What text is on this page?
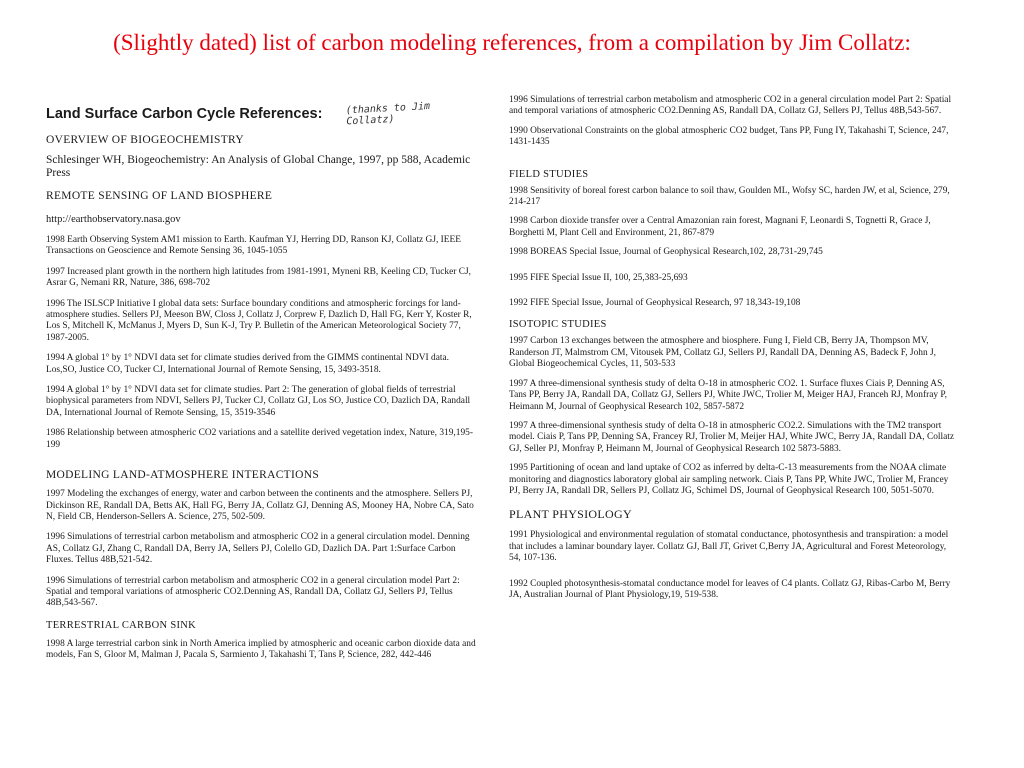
(Slightly dated) list of carbon modeling references, from a compilation by Jim Collatz:
Land Surface Carbon Cycle References: (thanks to Jim Collatz)
OVERVIEW OF BIOGEOCHEMISTRY
Schlesinger WH, Biogeochemistry: An Analysis of Global Change, 1997, pp 588, Academic Press
REMOTE SENSING OF LAND BIOSPHERE
http://earthobservatory.nasa.gov
1998 Earth Observing System AM1 mission to Earth. Kaufman YJ, Herring DD, Ranson KJ, Collatz GJ, IEEE Transactions on Geoscience and Remote Sensing 36, 1045-1055
1997 Increased plant growth in the northern high latitudes from 1981-1991, Myneni RB, Keeling CD, Tucker CJ, Asrar G, Nemani RR, Nature, 386, 698-702
1996 The ISLSCP Initiative I global data sets: Surface boundary conditions and atmospheric forcings for land-atmosphere studies. Sellers PJ, Meeson BW, Closs J, Collatz J, Corprew F, Dazlich D, Hall FG, Kerr Y, Koster R, Los S, Mitchell K, McManus J, Myers D, Sun K-J, Try P. Bulletin of the American Meteorological Society 77, 1987-2005.
1994 A global 1° by 1° NDVI data set for climate studies derived from the GIMMS continental NDVI data. Los,SO, Justice CO, Tucker CJ, International Journal of Remote Sensing, 15, 3493-3518.
1994 A global 1° by 1° NDVI data set for climate studies. Part 2: The generation of global fields of terrestrial biophysical parameters from NDVI, Sellers PJ, Tucker CJ, Collatz GJ, Los SO, Justice CO, Dazlich DA, Randall DA, International Journal of Remote Sensing, 15, 3519-3546
1986 Relationship between atmospheric CO2 variations and a satellite derived vegetation index, Nature, 319,195-199
MODELING LAND-ATMOSPHERE INTERACTIONS
1997 Modeling the exchanges of energy, water and carbon between the continents and the atmosphere. Sellers PJ, Dickinson RE, Randall DA, Betts AK, Hall FG, Berry JA, Collatz GJ, Denning AS, Mooney HA, Nobre CA, Sato N, Field CB, Henderson-Sellers A. Science, 275, 502-509.
1996 Simulations of terrestrial carbon metabolism and atmospheric CO2 in a general circulation model. Denning AS, Collatz GJ, Zhang C, Randall DA, Berry JA, Sellers PJ, Colello GD, Dazlich DA. Part 1:Surface Carbon Fluxes. Tellus 48B,521-542.
1996 Simulations of terrestrial carbon metabolism and atmospheric CO2 in a general circulation model Part 2: Spatial and temporal variations of atmospheric CO2.Denning AS, Randall DA, Collatz GJ, Sellers PJ, Tellus 48B,543-567.
TERRESTRIAL CARBON SINK
1998 A large terrestrial carbon sink in North America implied by atmospheric and oceanic carbon dioxide data and models, Fan S, Gloor M, Malman J, Pacala S, Sarmiento J, Takahashi T, Tans P, Science, 282, 442-446
1996 Simulations of terrestrial carbon metabolism and atmospheric CO2 in a general circulation model Part 2: Spatial and temporal variations of atmospheric CO2.Denning AS, Randall DA, Collatz GJ, Sellers PJ, Tellus 48B,543-567.
1990 Observational Constraints on the global atmospheric CO2 budget, Tans PP, Fung IY, Takahashi T, Science, 247, 1431-1435
FIELD STUDIES
1998 Sensitivity of boreal forest carbon balance to soil thaw, Goulden ML, Wofsy SC, harden JW, et al, Science, 279, 214-217
1998 Carbon dioxide transfer over a Central Amazonian rain forest, Magnani F, Leonardi S, Tognetti R, Grace J, Borghetti M, Plant Cell and Environment, 21, 867-879
1998 BOREAS Special Issue, Journal of Geophysical Research,102, 28,731-29,745
1995 FIFE Special Issue II, 100, 25,383-25,693
1992 FIFE Special Issue, Journal of Geophysical Research, 97 18,343-19,108
ISOTOPIC STUDIES
1997 Carbon 13 exchanges between the atmosphere and biosphere. Fung I, Field CB, Berry JA, Thompson MV, Randerson JT, Malmstrom CM, Vitousek PM, Collatz GJ, Sellers PJ, Randall DA, Denning AS, Badeck F, John J, Global Biogeochemical Cycles, 11, 503-533
1997 A three-dimensional synthesis study of delta O-18 in atmospheric CO2. 1. Surface fluxes Ciais P, Denning AS, Tans PP, Berry JA, Randall DA, Collatz GJ, Sellers PJ, White JWC, Trolier M, Meiger HAJ, Franceh RJ, Monfray P, Heimann M, Journal of Geophysical Research 102, 5857-5872
1997 A three-dimensional synthesis study of delta O-18 in atmospheric CO2.2. Simulations with the TM2 transport model. Ciais P, Tans PP, Denning SA, Francey RJ, Trolier M, Meijer HAJ, White JWC, Berry JA, Randall DA, Collatz GJ, Seller PJ, Monfray P, Heimann M, Journal of Geophysical Research 102 5873-5883.
1995 Partitioning of ocean and land uptake of CO2 as inferred by delta-C-13 measurements from the NOAA climate monitoring and diagnostics laboratory global air sampling network. Ciais P, Tans PP, White JWC, Trolier M, Francey PJ, Berry JA, Randall DR, Sellers PJ, Collatz JG, Schimel DS, Journal of Geophysical Research 100, 5051-5070.
PLANT PHYSIOLOGY
1991 Physiological and environmental regulation of stomatal conductance, photosynthesis and transpiration: a model that includes a laminar boundary layer. Collatz GJ, Ball JT, Grivet C,Berry JA, Agricultural and Forest Meteorology, 54, 107-136.
1992 Coupled photosynthesis-stomatal conductance model for leaves of C4 plants. Collatz GJ, Ribas-Carbo M, Berry JA, Australian Journal of Plant Physiology,19, 519-538.
